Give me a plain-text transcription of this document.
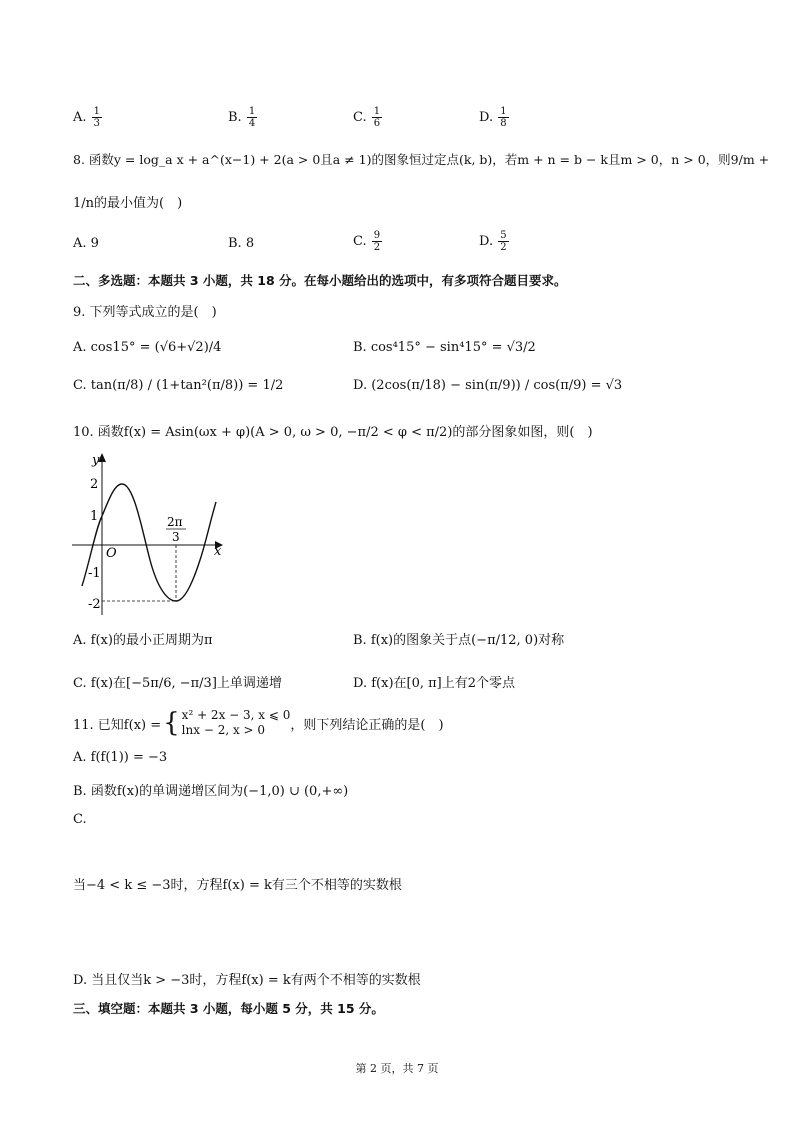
A. $\frac{1}{3}$	B. $\frac{1}{4}$	C. $\frac{1}{6}$	D. $\frac{1}{8}$
8. 函数y = log_a x + a^(x−1) + 2(a > 0且a ≠ 1)的图象恒过定点(k, b)，若m + n = b − k且m > 0，n > 0，则9/m +
1/n的最小值为(　)
A. 9	B. 8	C. $\frac{9}{2}$	D. $\frac{5}{2}$
二、多选题：本题共 3 小题，共 18 分。在每小题给出的选项中，有多项符合题目要求。
9. 下列等式成立的是(　)
A. cos15° = (√6+√2)/4	B. cos⁴15° − sin⁴15° = √3/2
C. tan(π/8) / (1+tan²(π/8)) = 1/2	D. (2cos(π/18) − sin(π/9)) / cos(π/9) = √3
10. 函数f(x) = Asin(ωx + φ)(A > 0, ω > 0, −π/2 < φ < π/2)的部分图象如图，则(　)
y
x
O
2
1
-1
-2
2π
3
A. f(x)的最小正周期为π	B. f(x)的图象关于点(−π/12, 0)对称
C. f(x)在[−5π/6, −π/3]上单调递增	D. f(x)在[0, π]上有2个零点
11. 已知f(x) = { x² + 2x − 3, x ⩽ 0
lnx − 2, x > 0	，则下列结论正确的是(　)
A. f(f(1)) = −3
B. 函数f(x)的单调递增区间为(−1,0) ∪ (0,+∞)
C.
当−4 < k ≤ −3时，方程f(x) = k有三个不相等的实数根
D. 当且仅当k > −3时，方程f(x) = k有两个不相等的实数根
三、填空题：本题共 3 小题，每小题 5 分，共 15 分。
第 2 页，共 7 页
